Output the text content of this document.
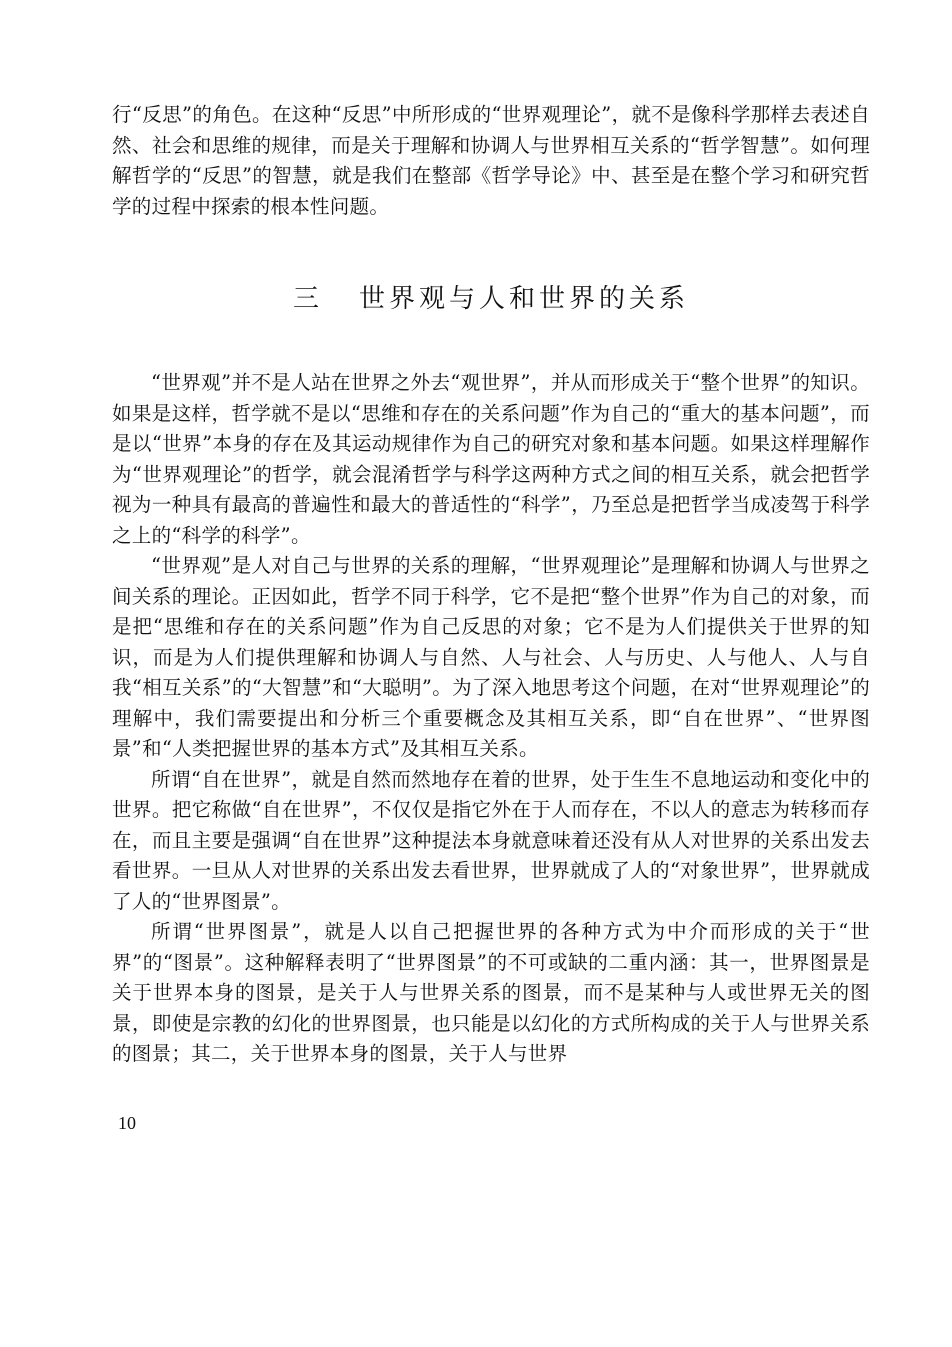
行“反思”的角色。在这种“反思”中所形成的“世界观理论”，就不是像科学那样去表述自然、社会和思维的规律，而是关于理解和协调人与世界相互关系的“哲学智慧”。如何理解哲学的“反思”的智慧，就是我们在整部《哲学导论》中、甚至是在整个学习和研究哲学的过程中探索的根本性问题。

三 世界观与人和世界的关系

“世界观”并不是人站在世界之外去“观世界”，并从而形成关于“整个世界”的知识。如果是这样，哲学就不是以“思维和存在的关系问题”作为自己的“重大的基本问题”，而是以“世界”本身的存在及其运动规律作为自己的研究对象和基本问题。如果这样理解作为“世界观理论”的哲学，就会混淆哲学与科学这两种方式之间的相互关系，就会把哲学视为一种具有最高的普遍性和最大的普适性的“科学”，乃至总是把哲学当成凌驾于科学之上的“科学的科学”。

“世界观”是人对自己与世界的关系的理解，“世界观理论”是理解和协调人与世界之间关系的理论。正因如此，哲学不同于科学，它不是把“整个世界”作为自己的对象，而是把“思维和存在的关系问题”作为自己反思的对象；它不是为人们提供关于世界的知识，而是为人们提供理解和协调人与自然、人与社会、人与历史、人与他人、人与自我“相互关系”的“大智慧”和“大聪明”。为了深入地思考这个问题，在对“世界观理论”的理解中，我们需要提出和分析三个重要概念及其相互关系，即“自在世界”、“世界图景”和“人类把握世界的基本方式”及其相互关系。

所谓“自在世界”，就是自然而然地存在着的世界，处于生生不息地运动和变化中的世界。把它称做“自在世界”，不仅仅是指它外在于人而存在，不以人的意志为转移而存在，而且主要是强调“自在世界”这种提法本身就意味着还没有从人对世界的关系出发去看世界。一旦从人对世界的关系出发去看世界，世界就成了人的“对象世界”，世界就成了人的“世界图景”。

所谓“世界图景”，就是人以自己把握世界的各种方式为中介而形成的关于“世界”的“图景”。这种解释表明了“世界图景”的不可或缺的二重内涵：其一，世界图景是关于世界本身的图景，是关于人与世界关系的图景，而不是某种与人或世界无关的图景，即使是宗教的幻化的世界图景，也只能是以幻化的方式所构成的关于人与世界关系的图景；其二，关于世界本身的图景，关于人与世界

10
